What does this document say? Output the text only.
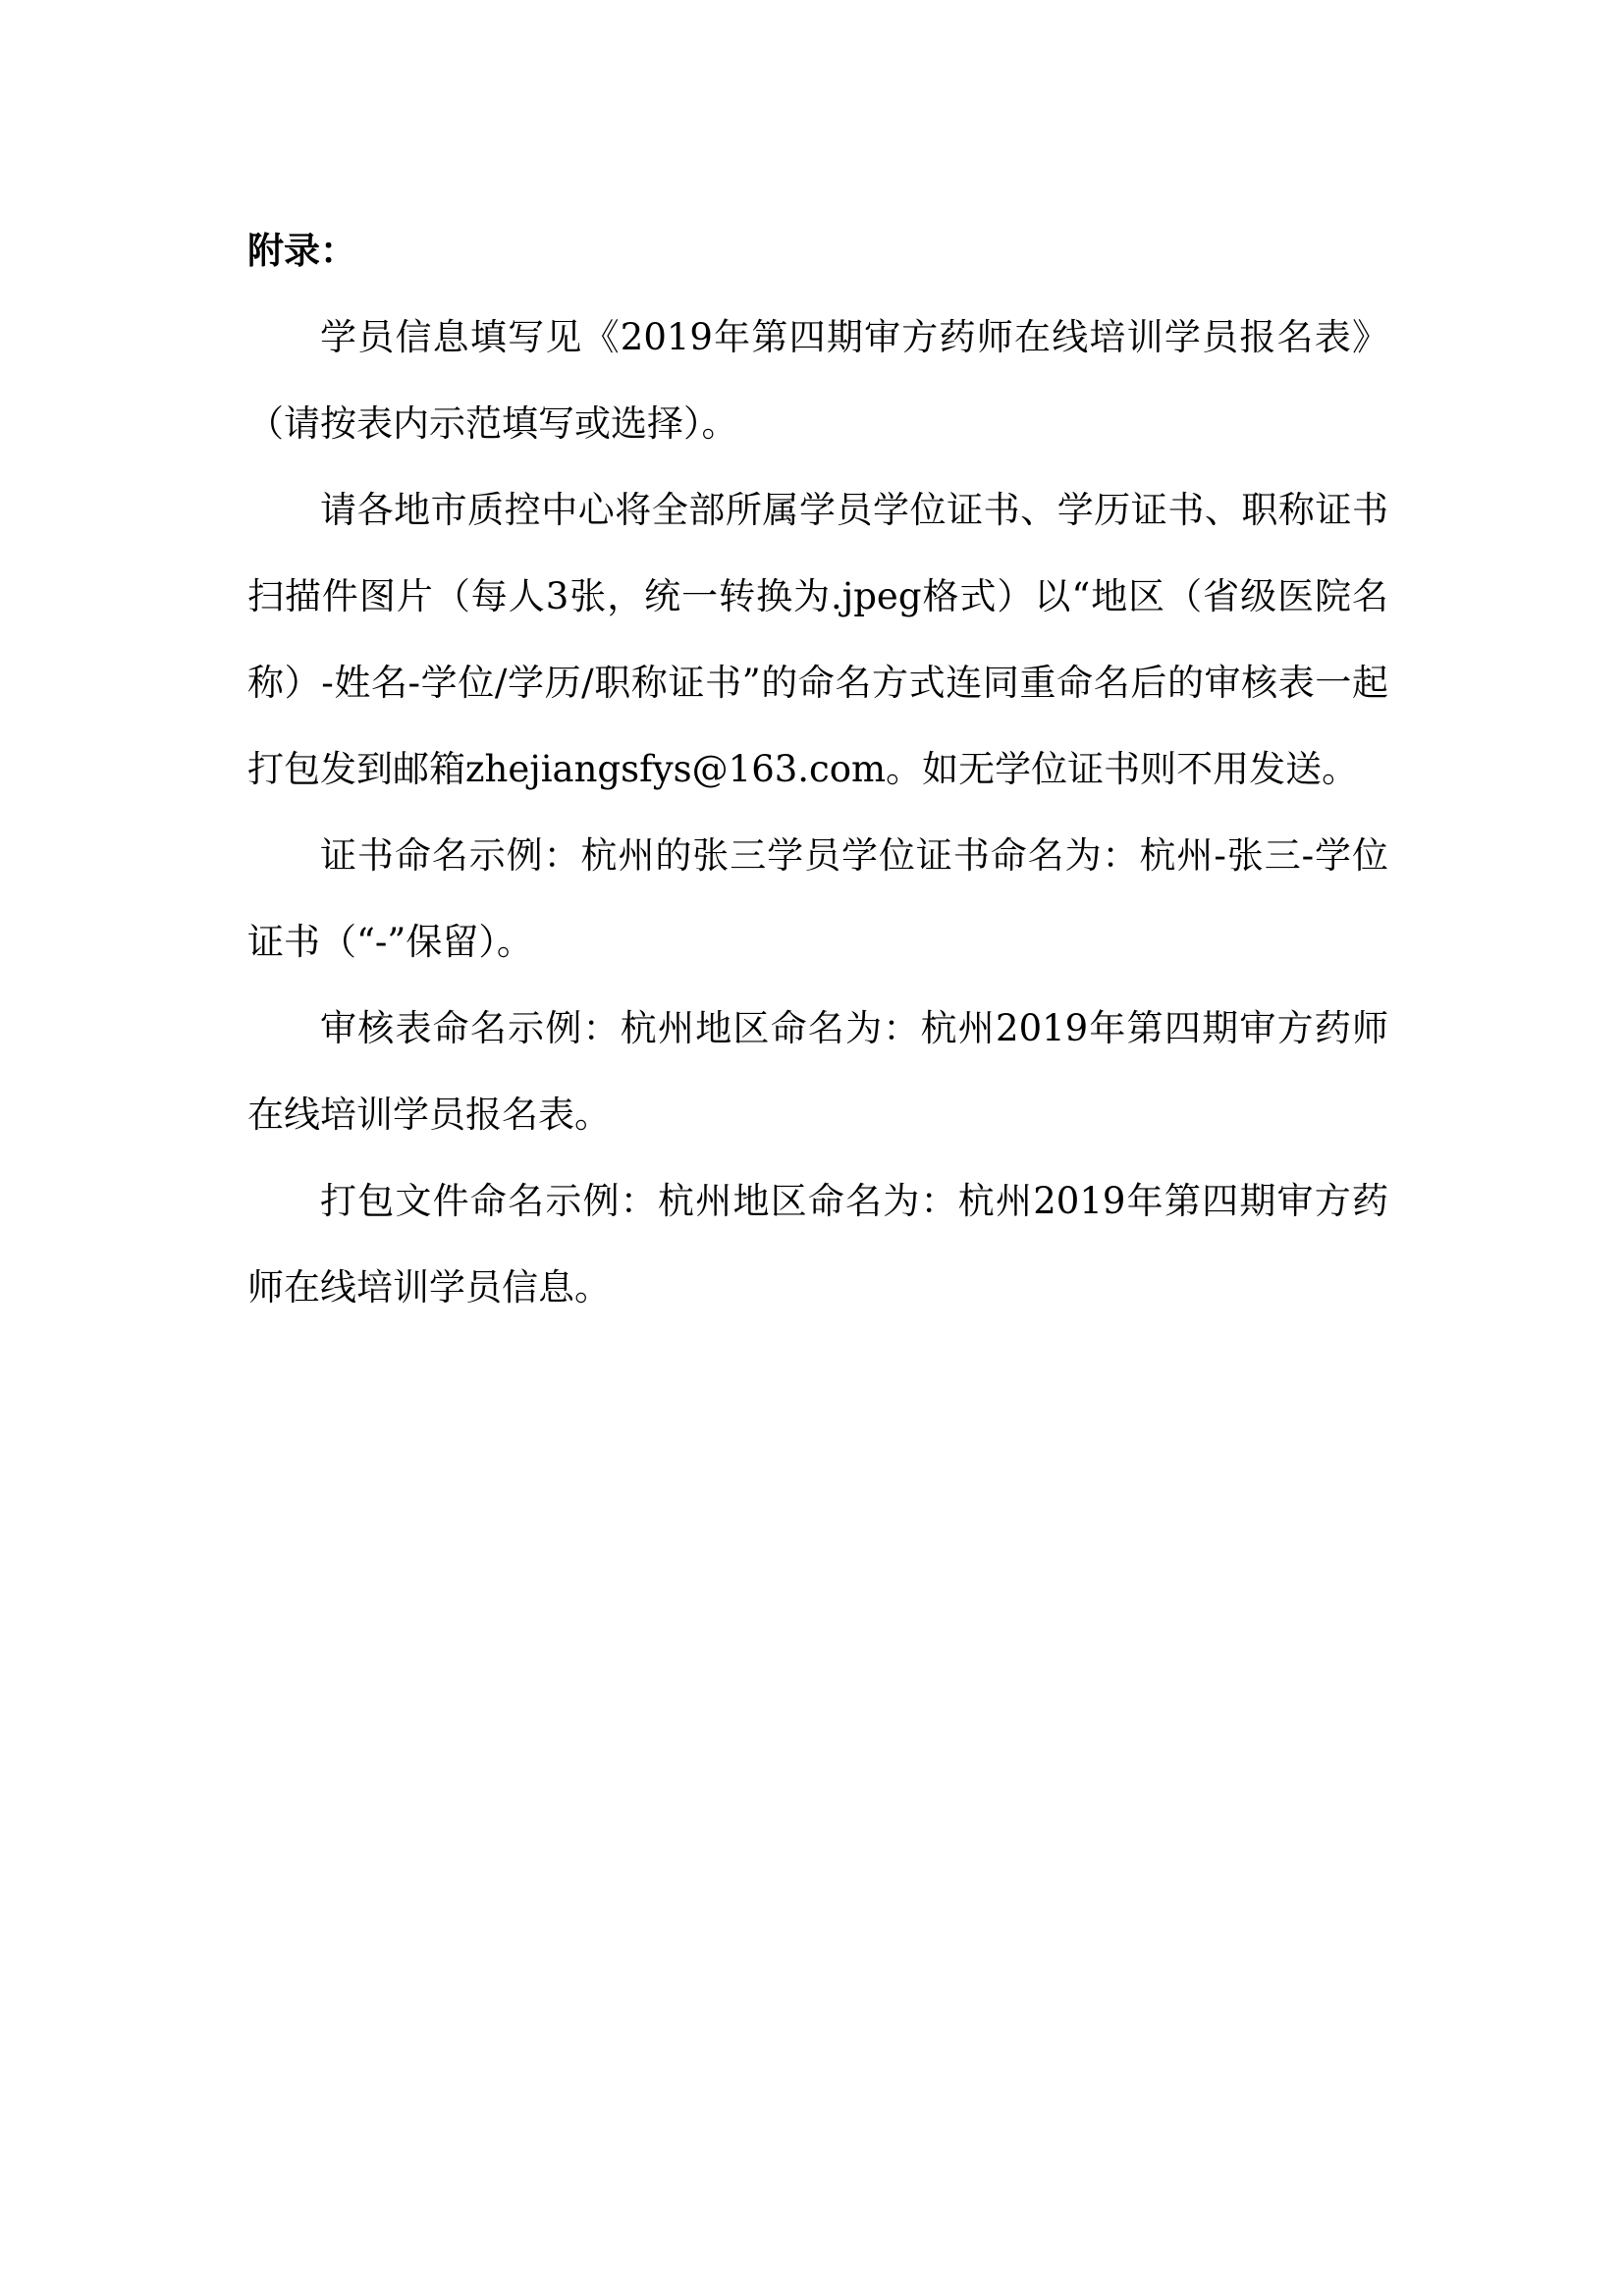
附录：

学员信息填写见《2019年第四期审方药师在线培训学员报名表》（请按表内示范填写或选择）。

请各地市质控中心将全部所属学员学位证书、学历证书、职称证书扫描件图片（每人3张，统一转换为.jpeg格式）以“地区（省级医院名称）-姓名-学位/学历/职称证书”的命名方式连同重命名后的审核表一起打包发到邮箱zhejiangsfys@163.com。如无学位证书则不用发送。

证书命名示例：杭州的张三学员学位证书命名为：杭州-张三-学位证书（“-”保留）。

审核表命名示例：杭州地区命名为：杭州2019年第四期审方药师在线培训学员报名表。

打包文件命名示例：杭州地区命名为：杭州2019年第四期审方药师在线培训学员信息。
